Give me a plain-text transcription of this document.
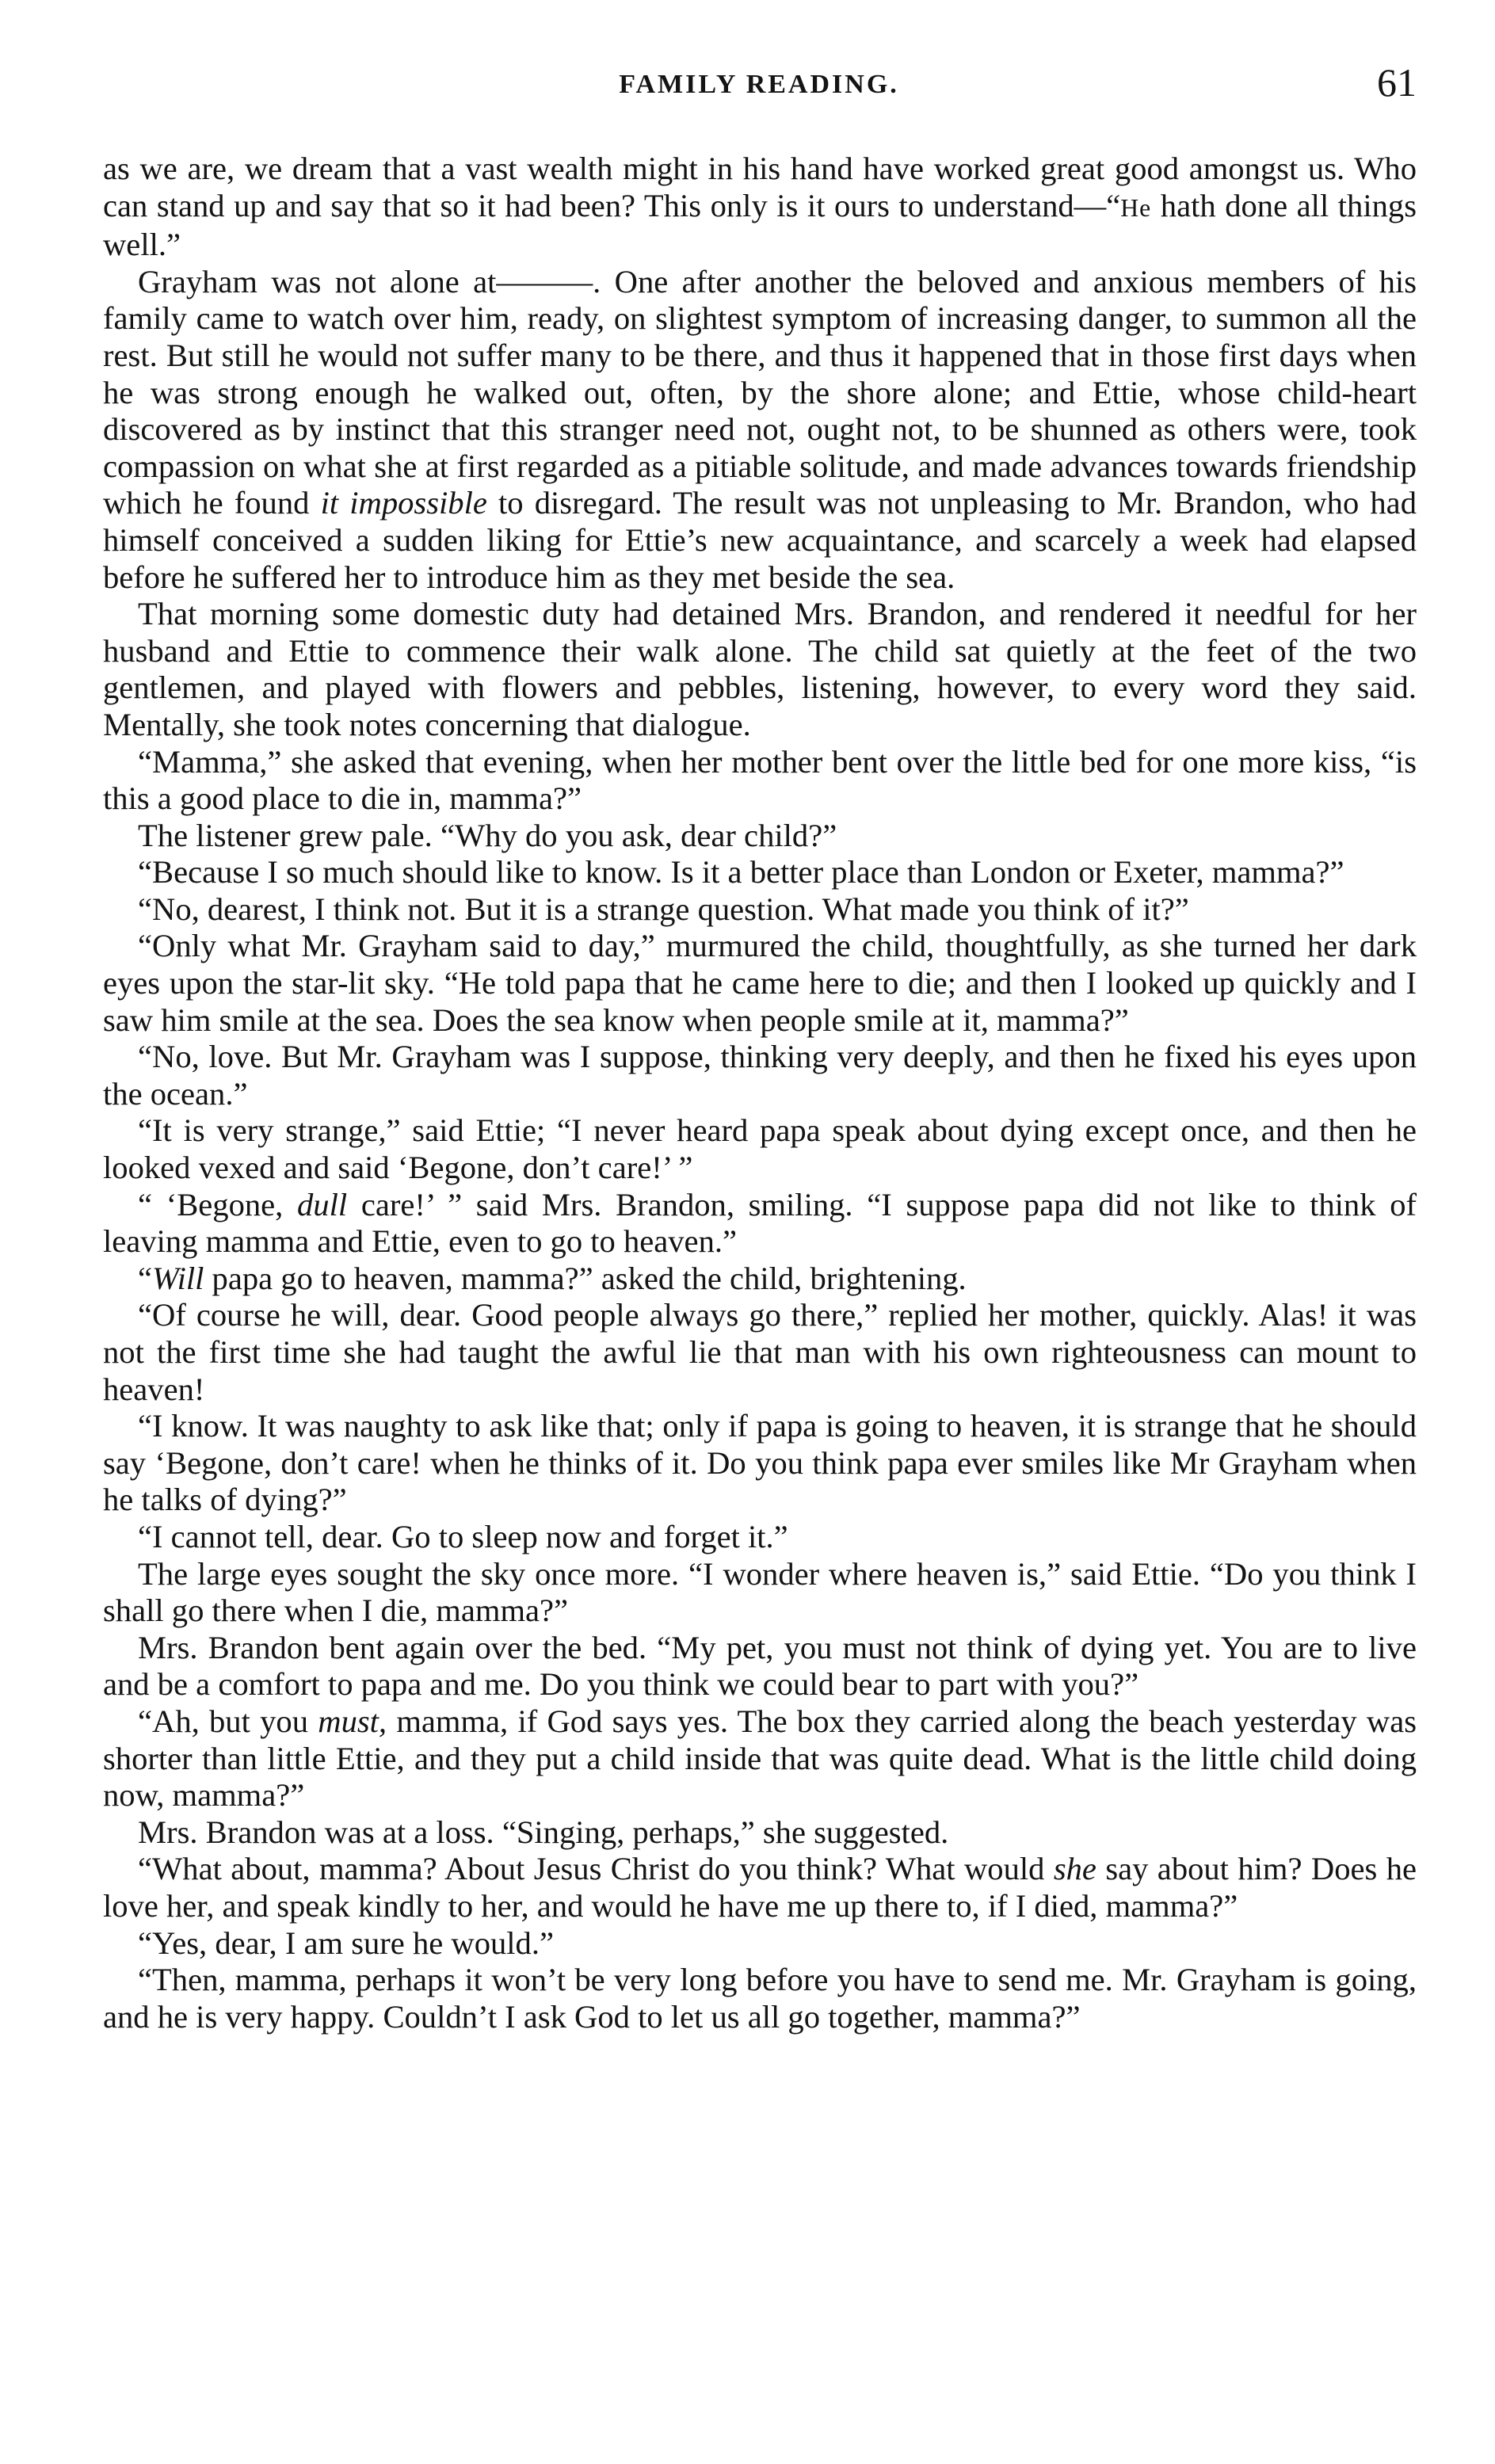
FAMILY READING.	61

as we are, we dream that a vast wealth might in his hand have worked great good amongst us. Who can stand up and say that so it had been? This only is it ours to understand—“He hath done all things well.”

Grayham was not alone at———. One after another the beloved and anxious members of his family came to watch over him, ready, on slightest symptom of increasing danger, to summon all the rest. But still he would not suffer many to be there, and thus it happened that in those first days when he was strong enough he walked out, often, by the shore alone; and Ettie, whose child-heart discovered as by instinct that this stranger need not, ought not, to be shunned as others were, took compassion on what she at first regarded as a pitiable solitude, and made advances towards friendship which he found it impossible to disregard. The result was not unpleasing to Mr. Brandon, who had himself conceived a sudden liking for Ettie’s new acquaintance, and scarcely a week had elapsed before he suffered her to introduce him as they met beside the sea.

That morning some domestic duty had detained Mrs. Brandon, and rendered it needful for her husband and Ettie to commence their walk alone. The child sat quietly at the feet of the two gentlemen, and played with flowers and pebbles, listening, however, to every word they said. Mentally, she took notes concerning that dialogue.

“Mamma,” she asked that evening, when her mother bent over the little bed for one more kiss, “is this a good place to die in, mamma?”

The listener grew pale. “Why do you ask, dear child?”

“Because I so much should like to know. Is it a better place than London or Exeter, mamma?”

“No, dearest, I think not. But it is a strange question. What made you think of it?”

“Only what Mr. Grayham said to day,” murmured the child, thoughtfully, as she turned her dark eyes upon the star-lit sky. “He told papa that he came here to die; and then I looked up quickly and I saw him smile at the sea. Does the sea know when people smile at it, mamma?”

“No, love. But Mr. Grayham was I suppose, thinking very deeply, and then he fixed his eyes upon the ocean.”

“It is very strange,” said Ettie; “I never heard papa speak about dying except once, and then he looked vexed and said ‘Begone, don’t care!’ ”

“ ‘Begone, dull care!’ ” said Mrs. Brandon, smiling. “I suppose papa did not like to think of leaving mamma and Ettie, even to go to heaven.”

“Will papa go to heaven, mamma?” asked the child, brightening.

“Of course he will, dear. Good people always go there,” replied her mother, quickly. Alas! it was not the first time she had taught the awful lie that man with his own righteousness can mount to heaven!

“I know. It was naughty to ask like that; only if papa is going to heaven, it is strange that he should say ‘Begone, don’t care! when he thinks of it. Do you think papa ever smiles like Mr Grayham when he talks of dying?”

“I cannot tell, dear. Go to sleep now and forget it.”

The large eyes sought the sky once more. “I wonder where heaven is,” said Ettie. “Do you think I shall go there when I die, mamma?”

Mrs. Brandon bent again over the bed. “My pet, you must not think of dying yet. You are to live and be a comfort to papa and me. Do you think we could bear to part with you?”

“Ah, but you must, mamma, if God says yes. The box they carried along the beach yesterday was shorter than little Ettie, and they put a child inside that was quite dead. What is the little child doing now, mamma?”

Mrs. Brandon was at a loss. “Singing, perhaps,” she suggested.

“What about, mamma? About Jesus Christ do you think? What would she say about him? Does he love her, and speak kindly to her, and would he have me up there to, if I died, mamma?”

“Yes, dear, I am sure he would.”

“Then, mamma, perhaps it won’t be very long before you have to send me. Mr. Grayham is going, and he is very happy. Couldn’t I ask God to let us all go together, mamma?”
